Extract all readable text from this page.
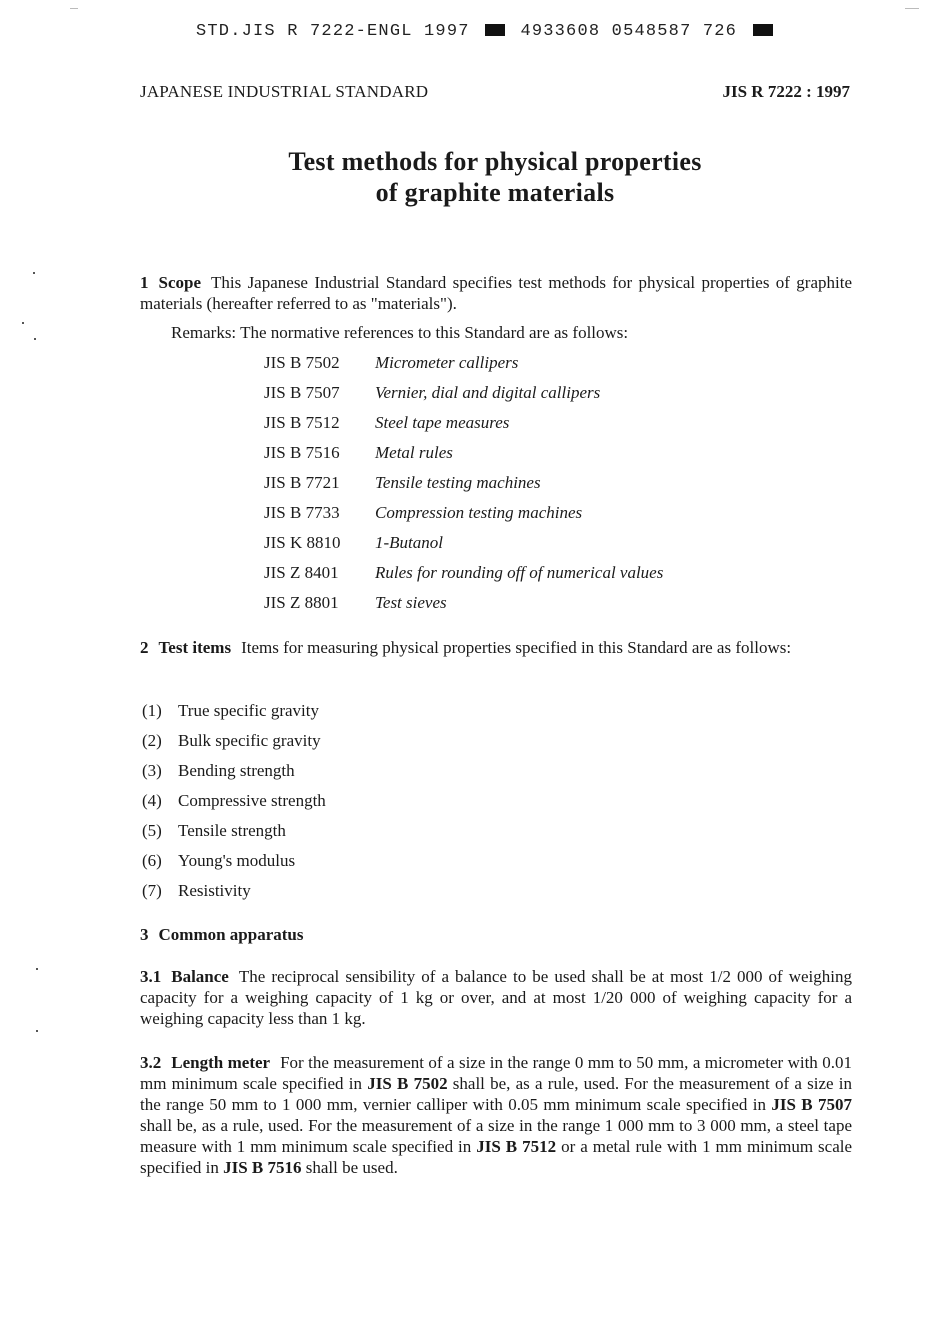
STD.JIS R 7222-ENGL 1997	4933608 0548587 726
JAPANESE INDUSTRIAL STANDARD	JIS R 7222 : 1997
Test methods for physical properties
of graphite materials
1 Scope This Japanese Industrial Standard specifies test methods for physical properties of graphite materials (hereafter referred to as "materials").
Remarks: The normative references to this Standard are as follows:
JIS B 7502 Micrometer callipers
JIS B 7507 Vernier, dial and digital callipers
JIS B 7512 Steel tape measures
JIS B 7516 Metal rules
JIS B 7721 Tensile testing machines
JIS B 7733 Compression testing machines
JIS K 8810 1-Butanol
JIS Z 8401 Rules for rounding off of numerical values
JIS Z 8801 Test sieves
2 Test items Items for measuring physical properties specified in this Standard are as follows:
(1) True specific gravity
(2) Bulk specific gravity
(3) Bending strength
(4) Compressive strength
(5) Tensile strength
(6) Young's modulus
(7) Resistivity
3 Common apparatus
3.1 Balance The reciprocal sensibility of a balance to be used shall be at most 1/2 000 of weighing capacity for a weighing capacity of 1 kg or over, and at most 1/20 000 of weighing capacity for a weighing capacity less than 1 kg.
3.2 Length meter For the measurement of a size in the range 0 mm to 50 mm, a micrometer with 0.01 mm minimum scale specified in JIS B 7502 shall be, as a rule, used. For the measurement of a size in the range 50 mm to 1 000 mm, vernier calliper with 0.05 mm minimum scale specified in JIS B 7507 shall be, as a rule, used. For the measurement of a size in the range 1 000 mm to 3 000 mm, a steel tape measure with 1 mm minimum scale specified in JIS B 7512 or a metal rule with 1 mm minimum scale specified in JIS B 7516 shall be used.
